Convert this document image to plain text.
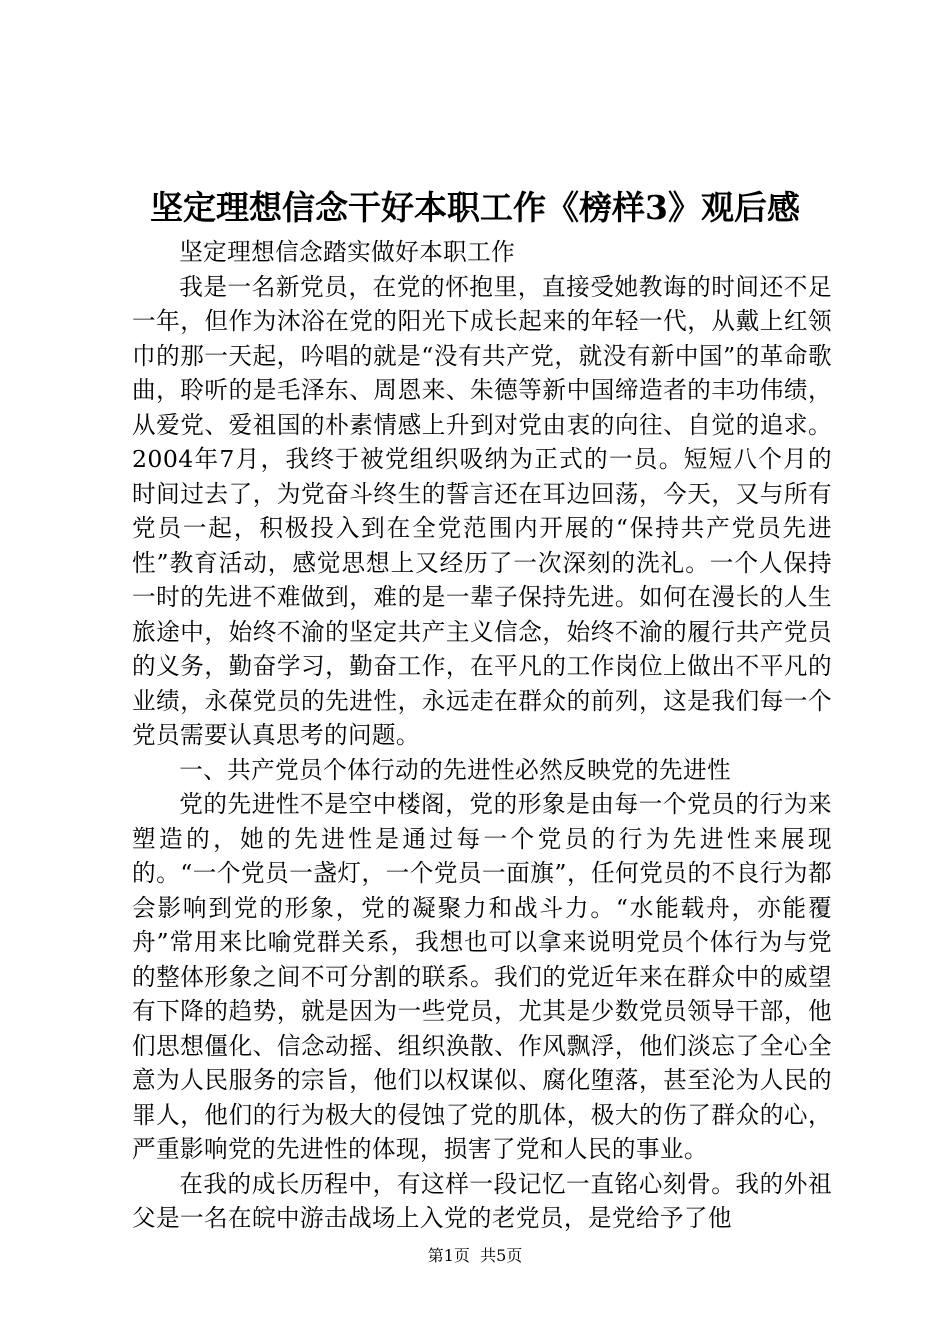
坚定理想信念干好本职工作《榜样3》观后感

坚定理想信念踏实做好本职工作

我是一名新党员，在党的怀抱里，直接受她教诲的时间还不足一年，但作为沐浴在党的阳光下成长起来的年轻一代，从戴上红领巾的那一天起，吟唱的就是“没有共产党，就没有新中国”的革命歌曲，聆听的是毛泽东、周恩来、朱德等新中国缔造者的丰功伟绩，从爱党、爱祖国的朴素情感上升到对党由衷的向往、自觉的追求。2004年7月，我终于被党组织吸纳为正式的一员。短短八个月的时间过去了，为党奋斗终生的誓言还在耳边回荡，今天，又与所有党员一起，积极投入到在全党范围内开展的“保持共产党员先进性”教育活动，感觉思想上又经历了一次深刻的洗礼。一个人保持一时的先进不难做到，难的是一辈子保持先进。如何在漫长的人生旅途中，始终不渝的坚定共产主义信念，始终不渝的履行共产党员的义务，勤奋学习，勤奋工作，在平凡的工作岗位上做出不平凡的业绩，永葆党员的先进性，永远走在群众的前列，这是我们每一个党员需要认真思考的问题。

一、共产党员个体行动的先进性必然反映党的先进性

党的先进性不是空中楼阁，党的形象是由每一个党员的行为来塑造的，她的先进性是通过每一个党员的行为先进性来展现的。“一个党员一盏灯，一个党员一面旗”，任何党员的不良行为都会影响到党的形象，党的凝聚力和战斗力。“水能载舟，亦能覆舟”常用来比喻党群关系，我想也可以拿来说明党员个体行为与党的整体形象之间不可分割的联系。我们的党近年来在群众中的威望有下降的趋势，就是因为一些党员，尤其是少数党员领导干部，他们思想僵化、信念动摇、组织涣散、作风飘浮，他们淡忘了全心全意为人民服务的宗旨，他们以权谋似、腐化堕落，甚至沦为人民的罪人，他们的行为极大的侵蚀了党的肌体，极大的伤了群众的心，严重影响党的先进性的体现，损害了党和人民的事业。

在我的成长历程中，有这样一段记忆一直铭心刻骨。我的外祖父是一名在皖中游击战场上入党的老党员，是党给予了他

第1页  共5页
